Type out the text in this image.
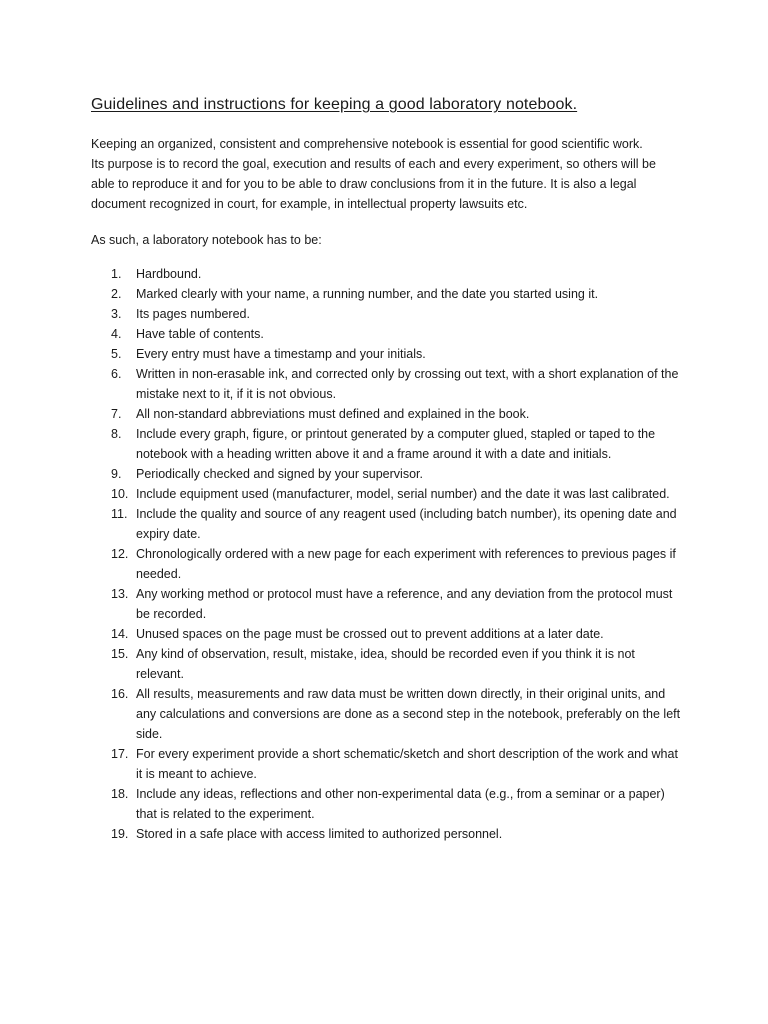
Guidelines and instructions for keeping a good laboratory notebook.
Keeping an organized, consistent and comprehensive notebook is essential for good scientific work.
Its purpose is to record the goal, execution and results of each and every experiment, so others will be
able to reproduce it and for you to be able to draw conclusions from it in the future. It is also a legal
document recognized in court, for example, in intellectual property lawsuits etc.

As such, a laboratory notebook has to be:

1. Hardbound.
2. Marked clearly with your name, a running number, and the date you started using it.
3. Its pages numbered.
4. Have table of contents.
5. Every entry must have a timestamp and your initials.
6. Written in non-erasable ink, and corrected only by crossing out text, with a short explanation of the mistake next to it, if it is not obvious.
7. All non-standard abbreviations must defined and explained in the book.
8. Include every graph, figure, or printout generated by a computer glued, stapled or taped to the notebook with a heading written above it and a frame around it with a date and initials.
9. Periodically checked and signed by your supervisor.
10. Include equipment used (manufacturer, model, serial number) and the date it was last calibrated.
11. Include the quality and source of any reagent used (including batch number), its opening date and expiry date.
12. Chronologically ordered with a new page for each experiment with references to previous pages if needed.
13. Any working method or protocol must have a reference, and any deviation from the protocol must be recorded.
14. Unused spaces on the page must be crossed out to prevent additions at a later date.
15. Any kind of observation, result, mistake, idea, should be recorded even if you think it is not relevant.
16. All results, measurements and raw data must be written down directly, in their original units, and any calculations and conversions are done as a second step in the notebook, preferably on the left side.
17. For every experiment provide a short schematic/sketch and short description of the work and what it is meant to achieve.
18. Include any ideas, reflections and other non-experimental data (e.g., from a seminar or a paper) that is related to the experiment.
19. Stored in a safe place with access limited to authorized personnel.
